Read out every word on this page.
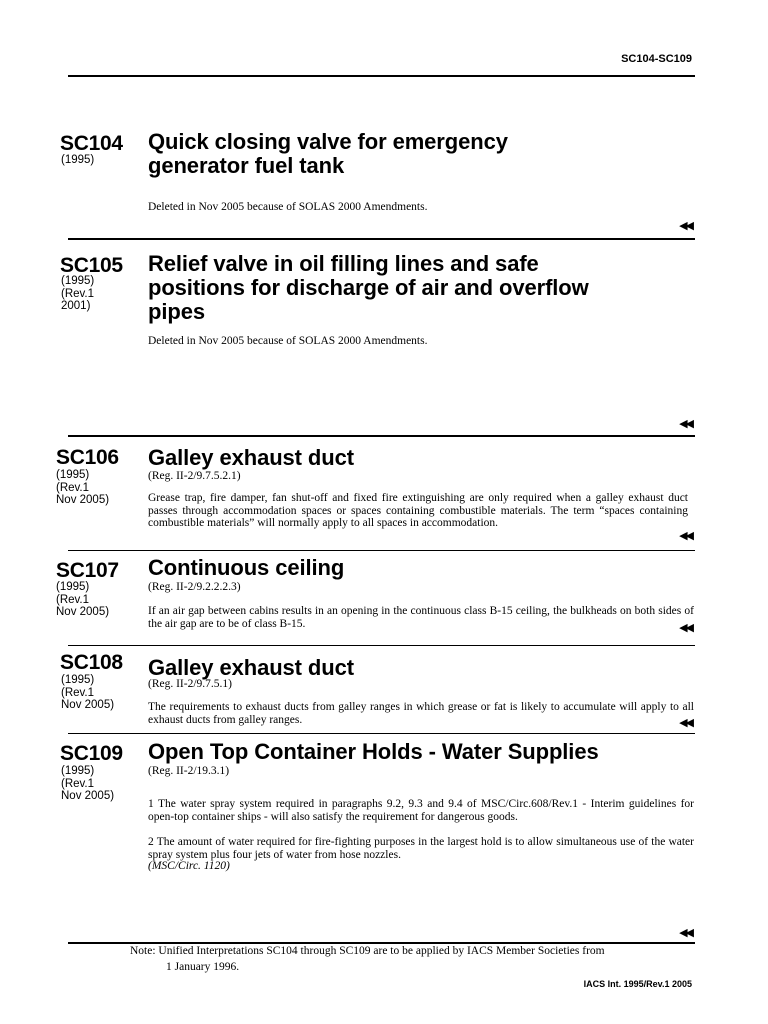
SC104-SC109
SC104
(1995)
Quick closing valve for emergency
generator fuel tank
Deleted in Nov 2005 because of SOLAS 2000 Amendments.
◀◀
SC105
(1995)
(Rev.1
2001)
Relief valve in oil filling lines and safe
positions for discharge of air and overflow
pipes
Deleted in Nov 2005 because of SOLAS 2000 Amendments.
◀◀
SC106
(1995)
(Rev.1
Nov 2005)
Galley exhaust duct
(Reg. II-2/9.7.5.2.1)
Grease trap, fire damper, fan shut-off and fixed fire extinguishing are only required when a galley exhaust duct passes through accommodation spaces or spaces containing combustible materials. The term “spaces containing combustible materials” will normally apply to all spaces in accommodation.
◀◀
SC107
(1995)
(Rev.1
Nov 2005)
Continuous ceiling
(Reg. II-2/9.2.2.2.3)
If an air gap between cabins results in an opening in the continuous class B-15 ceiling, the bulkheads on both sides of the air gap are to be of class B-15.	◀◀
SC108
(1995)
(Rev.1
Nov 2005)
Galley exhaust duct
(Reg. II-2/9.7.5.1)
The requirements to exhaust ducts from galley ranges in which grease or fat is likely to accumulate will apply to all exhaust ducts from galley ranges.	◀◀
SC109
(1995)
(Rev.1
Nov 2005)
Open Top Container Holds - Water Supplies
(Reg. II-2/19.3.1)
1 The water spray system required in paragraphs 9.2, 9.3 and 9.4 of MSC/Circ.608/Rev.1 - Interim guidelines for open-top container ships - will also satisfy the requirement for dangerous goods.
2 The amount of water required for fire-fighting purposes in the largest hold is to allow simultaneous use of the water spray system plus four jets of water from hose nozzles.
(MSC/Circ. 1120)
◀◀
Note: Unified Interpretations SC104 through SC109 are to be applied by IACS Member Societies from
1 January 1996.
IACS Int. 1995/Rev.1 2005
